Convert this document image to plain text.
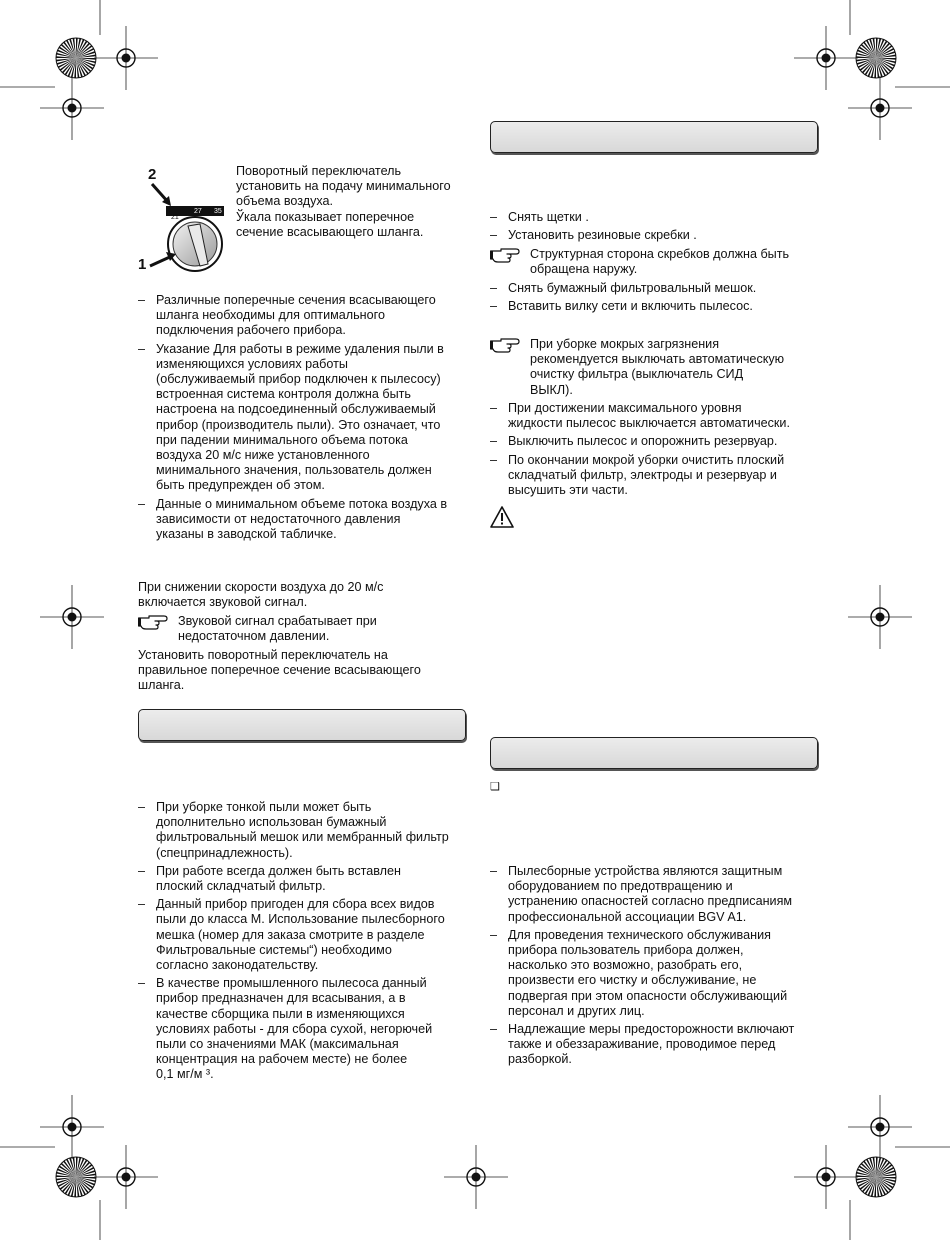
2
1
21
27 35
Поворотный переключатель
установить на подачу минимального
объема воздуха.
Ўкала показывает поперечное
сечение всасывающего шланга.
– Различные поперечные сечения всасывающего
шланга необходимы для оптимального
подключения рабочего прибора.
– Указание Для работы в режиме удаления пыли в
изменяющихся условиях работы
(обслуживаемый прибор подключен к пылесосу)
встроенная система контроля должна быть
настроена на подсоединенный обслуживаемый
прибор (производитель пыли). Это означает, что
при падении минимального объема потока
воздуха 20 м/с ниже установленного
минимального значения, пользователь должен
быть предупрежден об этом.
– Данные о минимальном объеме потока воздуха в
зависимости от недостаточного давления
указаны в заводской табличке.
При снижении скорости воздуха до 20 м/с
включается звуковой сигнал.
Звуковой сигнал срабатывает при
недостаточном давлении.
Установить поворотный переключатель на
правильное поперечное сечение всасывающего
шланга.
– При уборке тонкой пыли может быть
дополнительно использован бумажный
фильтровальный мешок или мембранный фильтр
(спецпринадлежность).
– При работе всегда должен быть вставлен
плоский складчатый фильтр.
– Данный прибор пригоден для сбора всех видов
пыли до класса М. Использование пылесборного
мешка (номер для заказа смотрите в разделе
Фильтровальные системы“) необходимо
согласно законодательству.
– В качестве промышленного пылесоса данный
прибор предназначен для всасывания, а в
качестве сборщика пыли в изменяющихся
условиях работы - для сбора сухой, негорючей
пыли со значениями МАК (максимальная
концентрация на рабочем месте) не более
0,1 мг/м ³.
– Снять щетки .
– Установить резиновые скребки .
Структурная сторона скребков должна быть
обращена наружу.
– Снять бумажный фильтровальный мешок.
– Вставить вилку сети и включить пылесос.
При уборке мокрых загрязнения
рекомендуется выключать автоматическую
очистку фильтра (выключатель СИД
ВЫКЛ).
– При достижении максимального уровня
жидкости пылесос выключается автоматически.
– Выключить пылесос и опорожнить резервуар.
– По окончании мокрой уборки очистить плоский
складчатый фильтр, электроды и резервуар и
высушить эти части.
❑
– Пылесборные устройства являются защитным
оборудованием по предотвращению и
устранению опасностей согласно предписаниям
профессиональной ассоциации BGV A1.
– Для проведения технического обслуживания
прибора пользователь прибора должен,
насколько это возможно, разобрать его,
произвести его чистку и обслуживание, не
подвергая при этом опасности обслуживающий
персонал и других лиц.
– Надлежащие меры предосторожности включают
также и обеззараживание, проводимое перед
разборкой.
